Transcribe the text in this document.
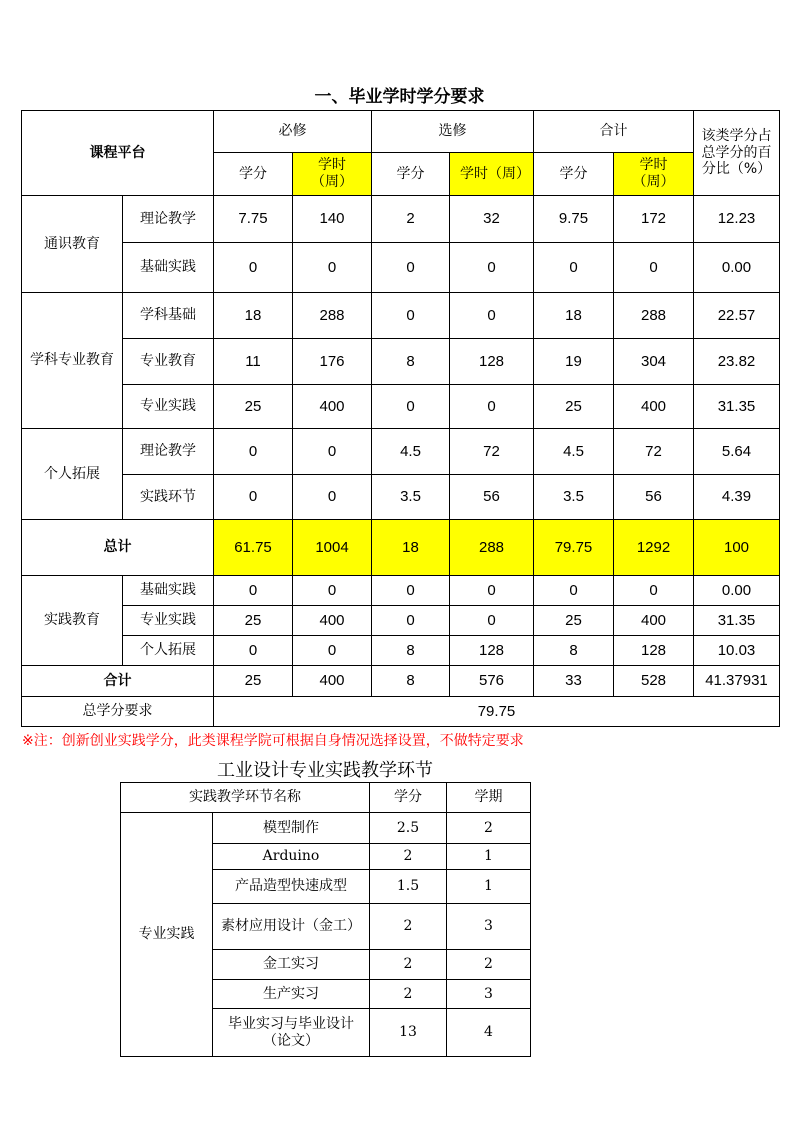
一、毕业学时学分要求
课程平台		必修		选修		合计		该类学分占总学分的百分比（%）
		学分	学时（周）	学分	学时（周）	学分	学时（周）	
通识教育	理论教学	7.75	140	2	32	9.75	172	12.23
	基础实践	0	0	0	0	0	0	0.00
学科专业教育	学科基础	18	288	0	0	18	288	22.57
	专业教育	11	176	8	128	19	304	23.82
	专业实践	25	400	0	0	25	400	31.35
个人拓展	理论教学	0	0	4.5	72	4.5	72	5.64
	实践环节	0	0	3.5	56	3.5	56	4.39
总计		61.75	1004	18	288	79.75	1292	100
实践教育	基础实践	0	0	0	0	0	0	0.00
	专业实践	25	400	0	0	25	400	31.35
	个人拓展	0	0	8	128	8	128	10.03
合计		25	400	8	576	33	528	41.37931
总学分要求		79.75						
※注：创新创业实践学分，此类课程学院可根据自身情况选择设置，不做特定要求
工业设计专业实践教学环节
实践教学环节名称		学分	学期
专业实践	模型制作	2.5	2
	Arduino	2	1
	产品造型快速成型	1.5	1
	素材应用设计（金工）	2	3
	金工实习	2	2
	生产实习	2	3
	毕业实习与毕业设计（论文）	13	4
